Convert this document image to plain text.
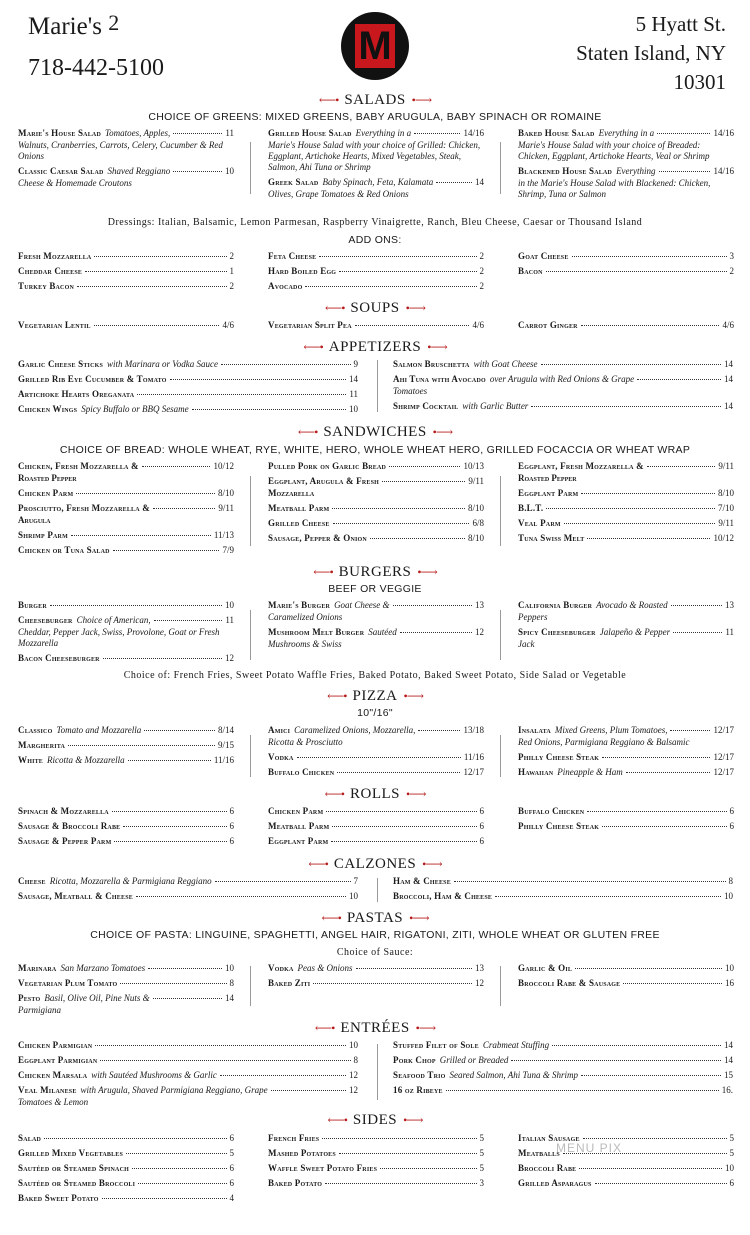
Marie's 2
718-442-5100	M	5 Hyatt St.
Staten Island, NY
10301
⟵• SALADS •⟶
CHOICE OF GREENS: MIXED GREENS, BABY ARUGULA, BABY SPINACH OR ROMAINE
Marie's House Salad Tomatoes, Apples,	11
Walnuts, Cranberries, Carrots, Celery, Cucumber & Red Onions
Classic Caesar Salad Shaved Reggiano	10
Cheese & Homemade Croutons
Grilled House Salad Everything in a	14/16
Marie's House Salad with your choice of Grilled: Chicken, Eggplant, Artichoke Hearts, Mixed Vegetables, Steak, Salmon, Ahi Tuna or Shrimp
Greek Salad Baby Spinach, Feta, Kalamata	14
Olives, Grape Tomatoes & Red Onions
Baked House Salad Everything in a	14/16
Marie's House Salad with your choice of Breaded: Chicken, Eggplant, Artichoke Hearts, Veal or Shrimp
Blackened House Salad Everything	14/16
in the Marie's House Salad with Blackened: Chicken, Shrimp, Tuna or Salmon
Dressings: Italian, Balsamic, Lemon Parmesan, Raspberry Vinaigrette, Ranch, Bleu Cheese, Caesar or Thousand Island
ADD ONS:
Fresh Mozzarella	2
Cheddar Cheese	1
Turkey Bacon	2
Feta Cheese	2
Hard Boiled Egg	2
Avocado	2
Goat Cheese	3
Bacon	2
⟵• SOUPS •⟶
Vegetarian Lentil	4/6	Vegetarian Split Pea	4/6	Carrot Ginger	4/6
⟵• APPETIZERS •⟶
Garlic Cheese Sticks with Marinara or Vodka Sauce	9
Grilled Rib Eye Cucumber & Tomato	14
Artichoke Hearts Oreganata	11
Chicken Wings Spicy Buffalo or BBQ Sesame	10
Salmon Bruschetta with Goat Cheese	14
Ahi Tuna with Avocado over Arugula with Red Onions & Grape	14
Tomatoes
Shrimp Cocktail with Garlic Butter	14
⟵• SANDWICHES •⟶
CHOICE OF BREAD: WHOLE WHEAT, RYE, WHITE, HERO, WHOLE WHEAT HERO, GRILLED FOCACCIA OR WHEAT WRAP
Chicken, Fresh Mozzarella &	10/12
Roasted Pepper
Chicken Parm	8/10
Prosciutto, Fresh Mozzarella &	9/11
Arugula
Shrimp Parm	11/13
Chicken or Tuna Salad	7/9
Pulled Pork on Garlic Bread	10/13
Eggplant, Arugula & Fresh	9/11
Mozzarella
Meatball Parm	8/10
Grilled Cheese	6/8
Sausage, Pepper & Onion	8/10
Eggplant, Fresh Mozzarella &	9/11
Roasted Pepper
Eggplant Parm	8/10
B.L.T.	7/10
Veal Parm	9/11
Tuna Swiss Melt	10/12
⟵• BURGERS •⟶
BEEF OR VEGGIE
Burger	10
Cheeseburger Choice of American,	11
Cheddar, Pepper Jack, Swiss, Provolone, Goat or Fresh Mozzarella
Bacon Cheeseburger	12
Marie's Burger Goat Cheese &	13
Caramelized Onions
Mushroom Melt Burger Sautéed	12
Mushrooms & Swiss
California Burger Avocado & Roasted	13
Peppers
Spicy Cheeseburger Jalapeño & Pepper	11
Jack
Choice of: French Fries, Sweet Potato Waffle Fries, Baked Potato, Baked Sweet Potato, Side Salad or Vegetable
⟵• PIZZA •⟶
10"/16"
Classico Tomato and Mozzarella	8/14
Margherita	9/15
White Ricotta & Mozzarella	11/16
Amici Caramelized Onions, Mozzarella,	13/18
Ricotta & Prosciutto
Vodka	11/16
Buffalo Chicken	12/17
Insalata Mixed Greens, Plum Tomatoes,	12/17
Red Onions, Parmigiana Reggiano & Balsamic
Philly Cheese Steak	12/17
Hawaiian Pineapple & Ham	12/17
⟵• ROLLS •⟶
Spinach & Mozzarella	6
Sausage & Broccoli Rabe	6
Sausage & Pepper Parm	6
Chicken Parm	6
Meatball Parm	6
Eggplant Parm	6
Buffalo Chicken	6
Philly Cheese Steak	6
⟵• CALZONES •⟶
Cheese Ricotta, Mozzarella & Parmigiana Reggiano	7
Sausage, Meatball & Cheese	10
Ham & Cheese	8
Broccoli, Ham & Cheese	10
⟵• PASTAS •⟶
CHOICE OF PASTA: LINGUINE, SPAGHETTI, ANGEL HAIR, RIGATONI, ZITI, WHOLE WHEAT OR GLUTEN FREE
Choice of Sauce:
Marinara San Marzano Tomatoes	10
Vegetarian Plum Tomato	8
Pesto Basil, Olive Oil, Pine Nuts &	14
Parmigiana
Vodka Peas & Onions	13
Baked Ziti	12
Garlic & Oil	10
Broccoli Rabe & Sausage	16
⟵• ENTRÉES •⟶
Chicken Parmigian	10
Eggplant Parmigian	8
Chicken Marsala with Sautéed Mushrooms & Garlic	12
Veal Milanese with Arugula, Shaved Parmigiana Reggiano, Grape	12
Tomatoes & Lemon
Stuffed Filet of Sole Crabmeat Stuffing	14
Pork Chop Grilled or Breaded	14
Seafood Trio Seared Salmon, Ahi Tuna & Shrimp	15
16 oz Ribeye	16.
⟵• SIDES •⟶
Salad	6
Grilled Mixed Vegetables	5
Sautéed or Steamed Spinach	6
Sautéed or Steamed Broccoli	6
Baked Sweet Potato	4
French Fries	5
Mashed Potatoes	5
Waffle Sweet Potato Fries	5
Baked Potato	3
Italian Sausage	5
Meatballs	5
Broccoli Rabe	10
Grilled Asparagus	6
MENU PIX
